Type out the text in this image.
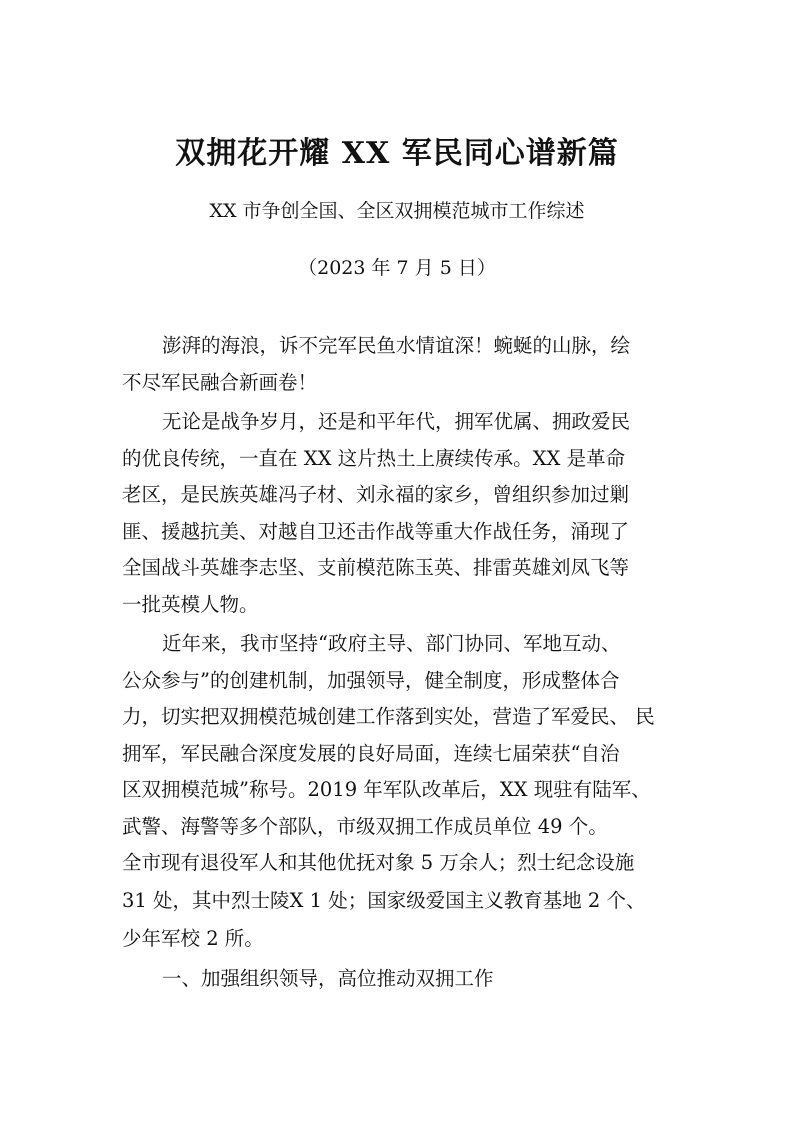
双拥花开耀 XX 军民同心谱新篇
XX 市争创全国、全区双拥模范城市工作综述
（2023 年 7 月 5 日）
澎湃的海浪，诉不完军民鱼水情谊深！蜿蜒的山脉，绘
不尽军民融合新画卷！
无论是战争岁月，还是和平年代，拥军优属、拥政爱民
的优良传统，一直在 XX 这片热土上赓续传承。XX 是革命
老区，是民族英雄冯子材、刘永福的家乡，曾组织参加过剿
匪、援越抗美、对越自卫还击作战等重大作战任务，涌现了
全国战斗英雄李志坚、支前模范陈玉英、排雷英雄刘凤飞等
一批英模人物。
近年来，我市坚持“政府主导、部门协同、军地互动、
公众参与”的创建机制，加强领导，健全制度，形成整体合
力，切实把双拥模范城创建工作落到实处，营造了军爱民、 民
拥军，军民融合深度发展的良好局面，连续七届荣获“自治
区双拥模范城”称号。2019 年军队改革后，XX 现驻有陆军、
武警、海警等多个部队，市级双拥工作成员单位 49 个。
全市现有退役军人和其他优抚对象 5 万余人；烈士纪念设施
31 处，其中烈士陵X 1 处；国家级爱国主义教育基地 2 个、
少年军校 2 所。
一、加强组织领导，高位推动双拥工作
